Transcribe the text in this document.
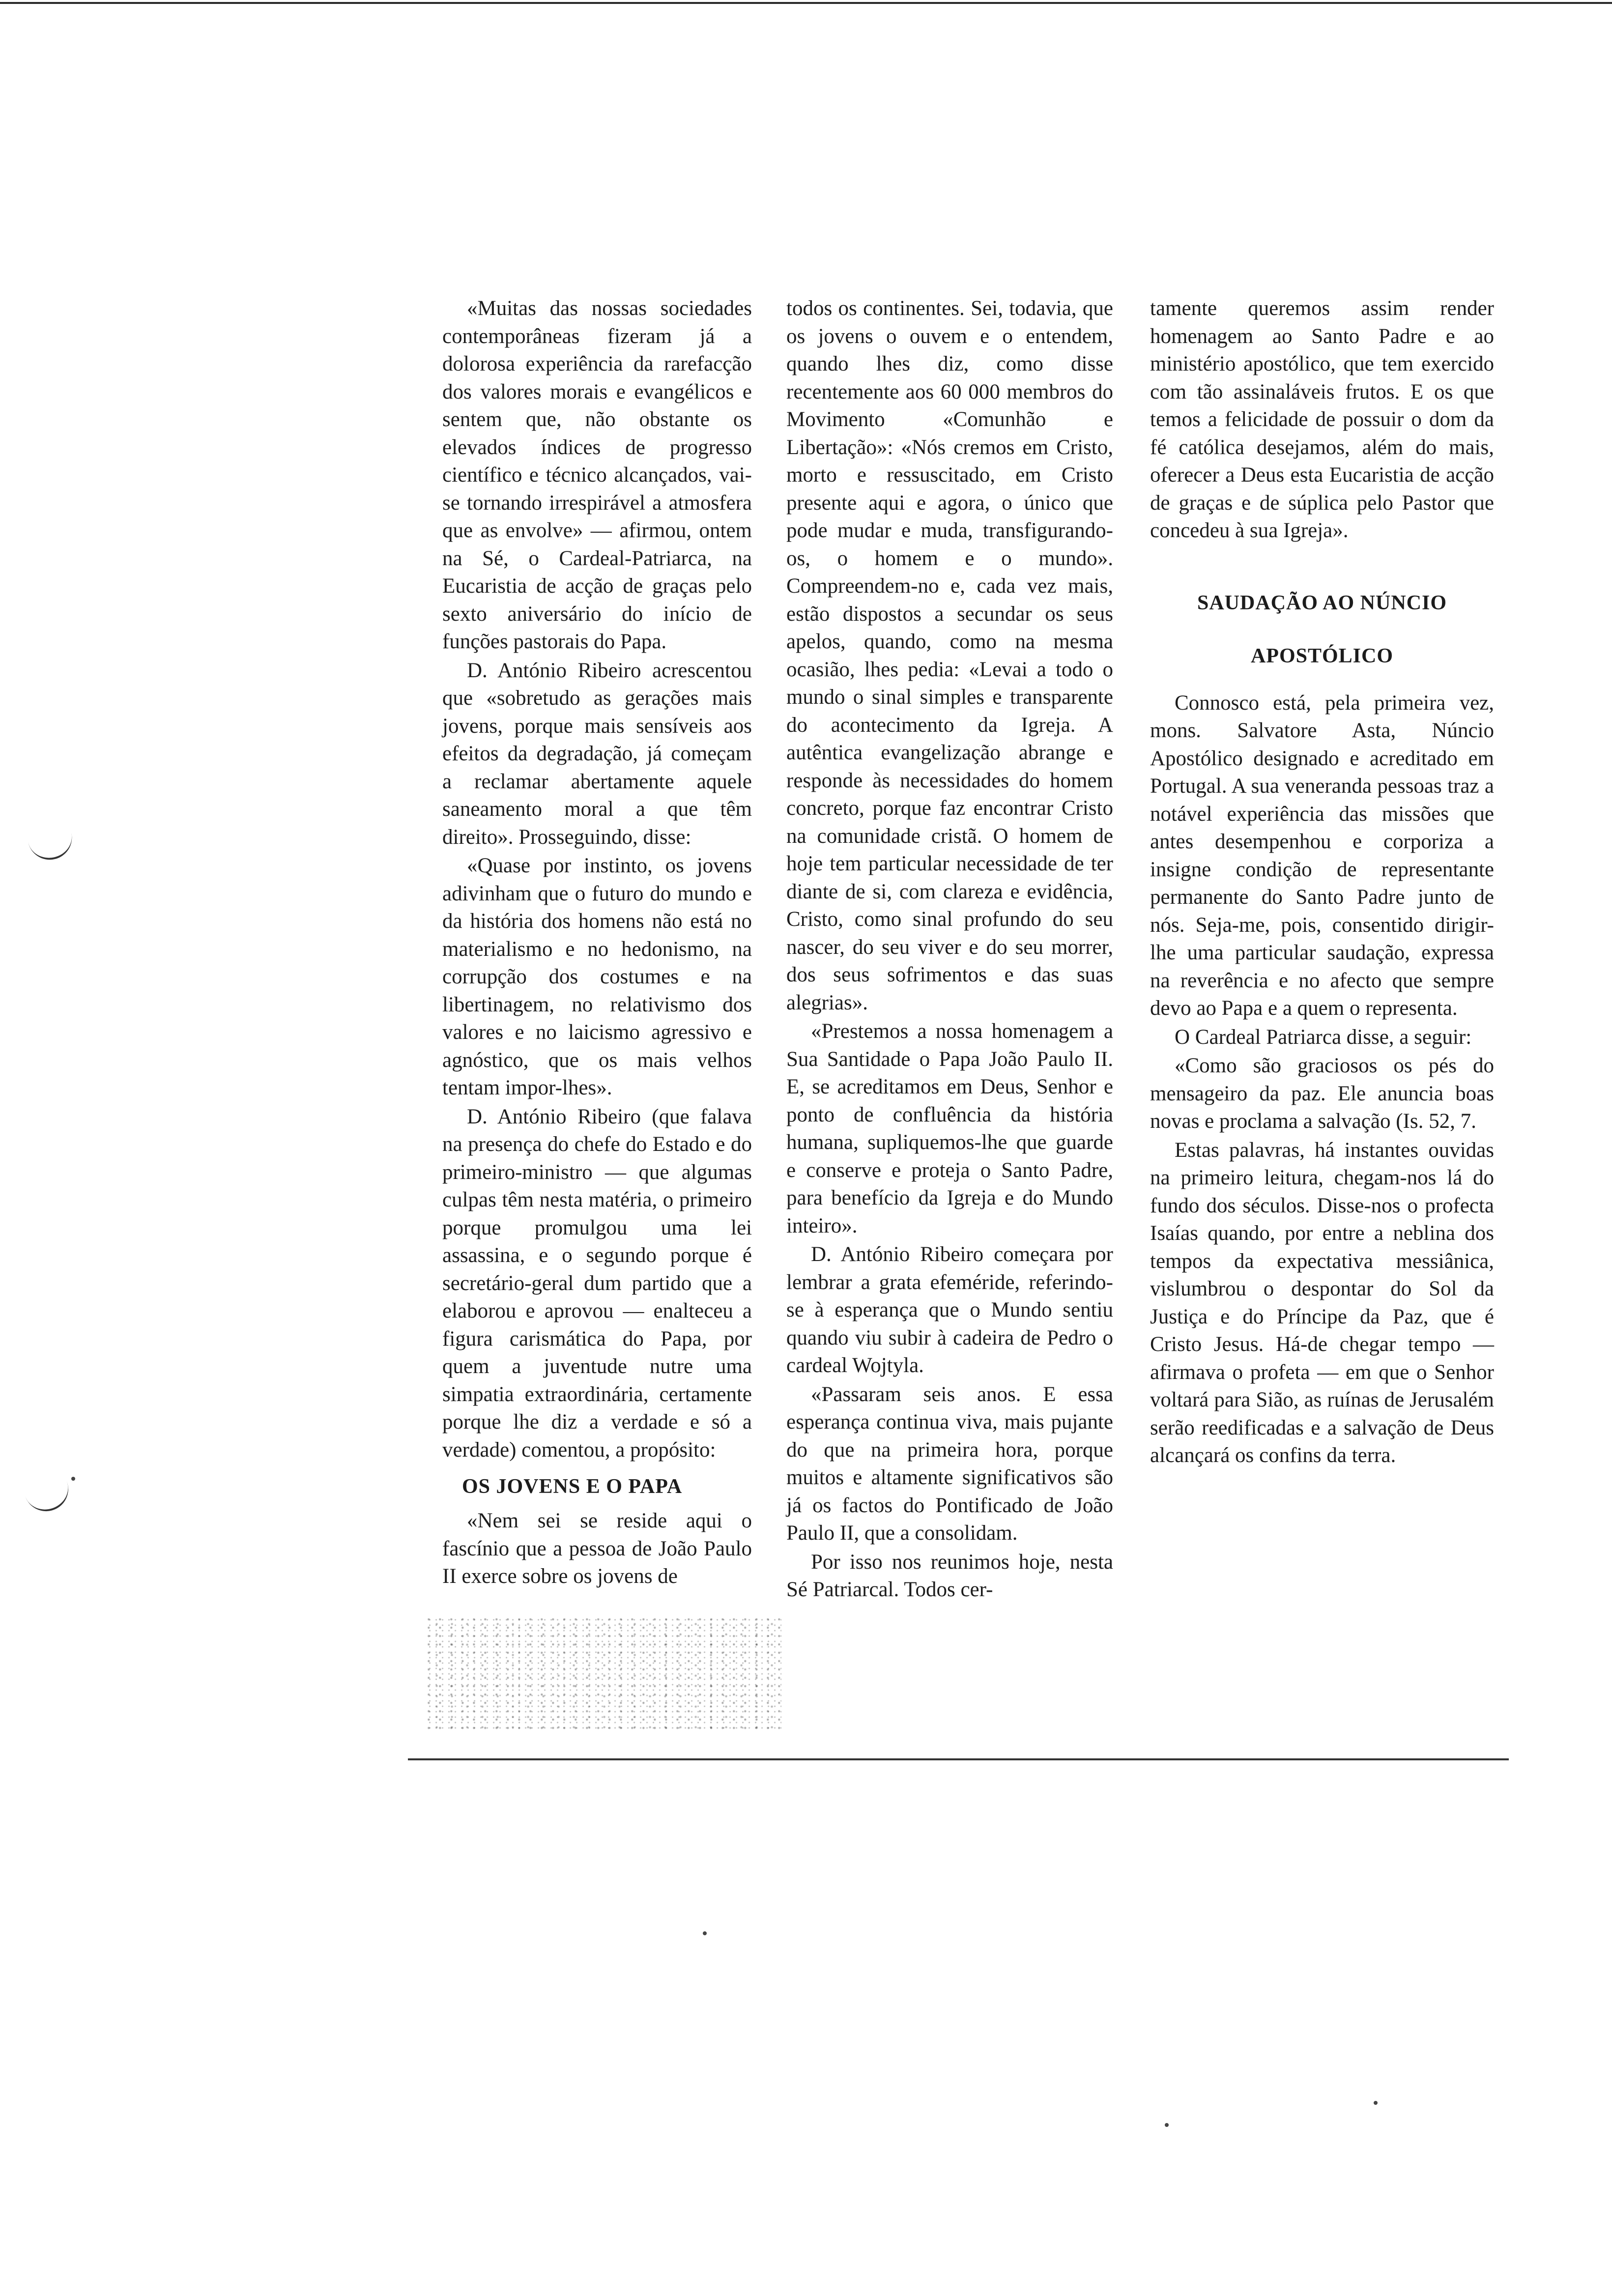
«Muitas das nossas sociedades contemporâneas fizeram já a dolorosa experiência da rarefacção dos valores morais e evangélicos e sentem que, não obstante os elevados índices de progresso científico e técnico alcançados, vai-se tornando irrespirável a atmosfera que as envolve» — afirmou, ontem na Sé, o Cardeal-Patriarca, na Eucaristia de acção de graças pelo sexto aniversário do início de funções pastorais do Papa.

D. António Ribeiro acrescentou que «sobretudo as gerações mais jovens, porque mais sensíveis aos efeitos da degradação, já começam a reclamar abertamente aquele saneamento moral a que têm direito». Prosseguindo, disse:

«Quase por instinto, os jovens adivinham que o futuro do mundo e da história dos homens não está no materialismo e no hedonismo, na corrupção dos costumes e na libertinagem, no relativismo dos valores e no laicismo agressivo e agnóstico, que os mais velhos tentam impor-lhes».

D. António Ribeiro (que falava na presença do chefe do Estado e do primeiro-ministro — que algumas culpas têm nesta matéria, o primeiro porque promulgou uma lei assassina, e o segundo porque é secretário-geral dum partido que a elaborou e aprovou — enalteceu a figura carismática do Papa, por quem a juventude nutre uma simpatia extraordinária, certamente porque lhe diz a verdade e só a verdade) comentou, a propósito:

OS JOVENS E O PAPA

«Nem sei se reside aqui o fascínio que a pessoa de João Paulo II exerce sobre os jovens de

todos os continentes. Sei, todavia, que os jovens o ouvem e o entendem, quando lhes diz, como disse recentemente aos 60 000 membros do Movimento «Comunhão e Libertação»: «Nós cremos em Cristo, morto e ressuscitado, em Cristo presente aqui e agora, o único que pode mudar e muda, transfigurando-os, o homem e o mundo». Compreendem-no e, cada vez mais, estão dispostos a secundar os seus apelos, quando, como na mesma ocasião, lhes pedia: «Levai a todo o mundo o sinal simples e transparente do acontecimento da Igreja. A autêntica evangelização abrange e responde às necessidades do homem concreto, porque faz encontrar Cristo na comunidade cristã. O homem de hoje tem particular necessidade de ter diante de si, com clareza e evidência, Cristo, como sinal profundo do seu nascer, do seu viver e do seu morrer, dos seus sofrimentos e das suas alegrias».

«Prestemos a nossa homenagem a Sua Santidade o Papa João Paulo II. E, se acreditamos em Deus, Senhor e ponto de confluência da história humana, supliquemos-lhe que guarde e conserve e proteja o Santo Padre, para benefício da Igreja e do Mundo inteiro».

D. António Ribeiro começara por lembrar a grata efeméride, referindo-se à esperança que o Mundo sentiu quando viu subir à cadeira de Pedro o cardeal Wojtyla.

«Passaram seis anos. E essa esperança continua viva, mais pujante do que na primeira hora, porque muitos e altamente significativos são já os factos do Pontificado de João Paulo II, que a consolidam.

Por isso nos reunimos hoje, nesta Sé Patriarcal. Todos cer-

tamente queremos assim render homenagem ao Santo Padre e ao ministério apostólico, que tem exercido com tão assinaláveis frutos. E os que temos a felicidade de possuir o dom da fé católica desejamos, além do mais, oferecer a Deus esta Eucaristia de acção de graças e de súplica pelo Pastor que concedeu à sua Igreja».

SAUDAÇÃO AO NÚNCIO
APOSTÓLICO

Connosco está, pela primeira vez, mons. Salvatore Asta, Núncio Apostólico designado e acreditado em Portugal. A sua veneranda pessoas traz a notável experiência das missões que antes desempenhou e corporiza a insigne condição de representante permanente do Santo Padre junto de nós. Seja-me, pois, consentido dirigir-lhe uma particular saudação, expressa na reverência e no afecto que sempre devo ao Papa e a quem o representa.

O Cardeal Patriarca disse, a seguir:

«Como são graciosos os pés do mensageiro da paz. Ele anuncia boas novas e proclama a salvação (Is. 52, 7.

Estas palavras, há instantes ouvidas na primeiro leitura, chegam-nos lá do fundo dos séculos. Disse-nos o profecta Isaías quando, por entre a neblina dos tempos da expectativa messiânica, vislumbrou o despontar do Sol da Justiça e do Príncipe da Paz, que é Cristo Jesus. Há-de chegar tempo — afirmava o profeta — em que o Senhor voltará para Sião, as ruínas de Jerusalém serão reedificadas e a salvação de Deus alcançará os confins da terra.
